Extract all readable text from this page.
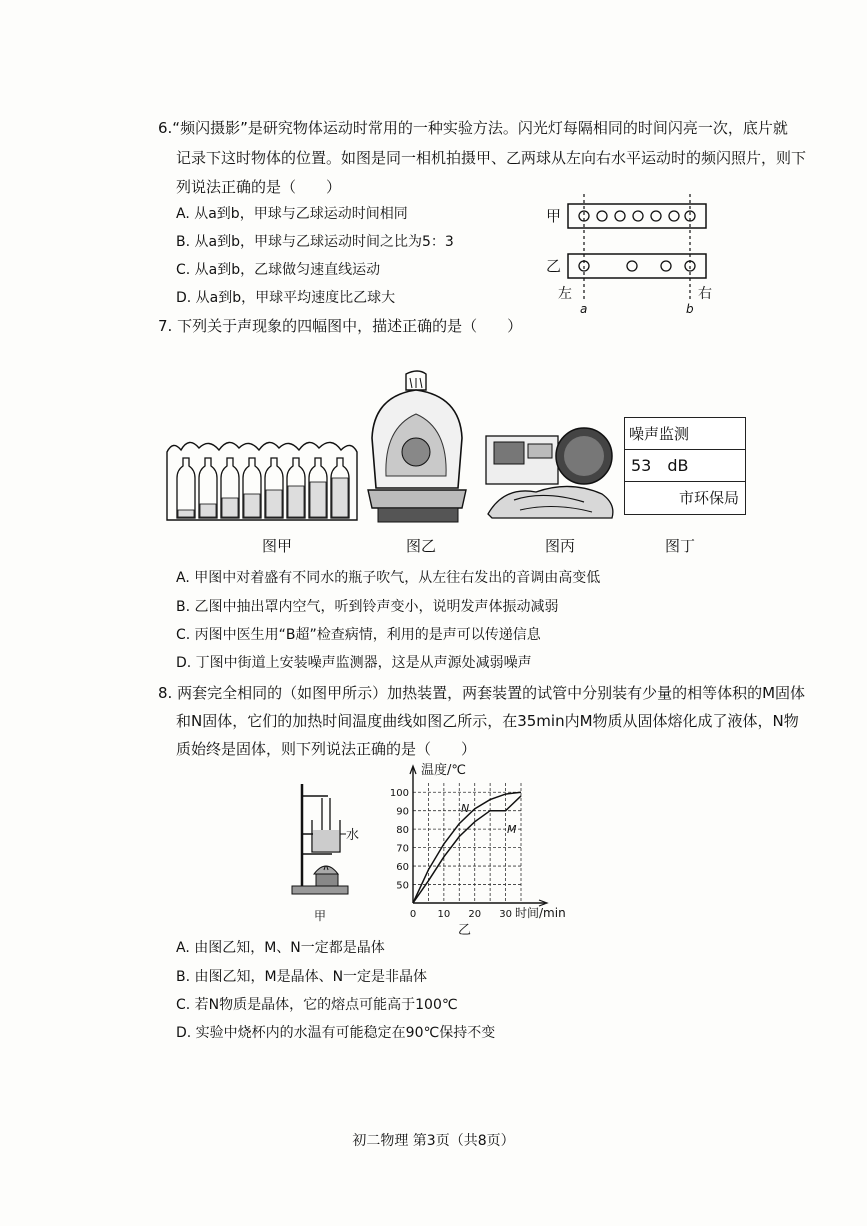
6.“频闪摄影”是研究物体运动时常用的一种实验方法。闪光灯每隔相同的时间闪亮一次，底片就
记录下这时物体的位置。如图是同一相机拍摄甲、乙两球从左向右水平运动时的频闪照片，则下
列说法正确的是（　　）
A. 从a到b，甲球与乙球运动时间相同
B. 从a到b，甲球与乙球运动时间之比为5：3
C. 从a到b，乙球做匀速直线运动
D. 从a到b，甲球平均速度比乙球大
甲
乙
左	右
a	b
7. 下列关于声现象的四幅图中，描述正确的是（　　）
噪声监测
53　dB
市环保局
图甲	图乙	图丙	图丁
A. 甲图中对着盛有不同水的瓶子吹气，从左往右发出的音调由高变低
B. 乙图中抽出罩内空气，听到铃声变小，说明发声体振动减弱
C. 丙图中医生用“B超”检查病情，利用的是声可以传递信息
D. 丁图中街道上安装噪声监测器，这是从声源处减弱噪声
8. 两套完全相同的（如图甲所示）加热装置，两套装置的试管中分别装有少量的相等体积的M固体
和N固体，它们的加热时间温度曲线如图乙所示，在35min内M物质从固体熔化成了液体，N物
质始终是固体，则下列说法正确的是（　　）
水
甲
100
90
80
70
60
50
0 10 20 30
温度/℃
时间/min
乙
N
M
A. 由图乙知，M、N一定都是晶体
B. 由图乙知，M是晶体、N一定是非晶体
C. 若N物质是晶体，它的熔点可能高于100℃
D. 实验中烧杯内的水温有可能稳定在90℃保持不变
初二物理 第3页（共8页）
